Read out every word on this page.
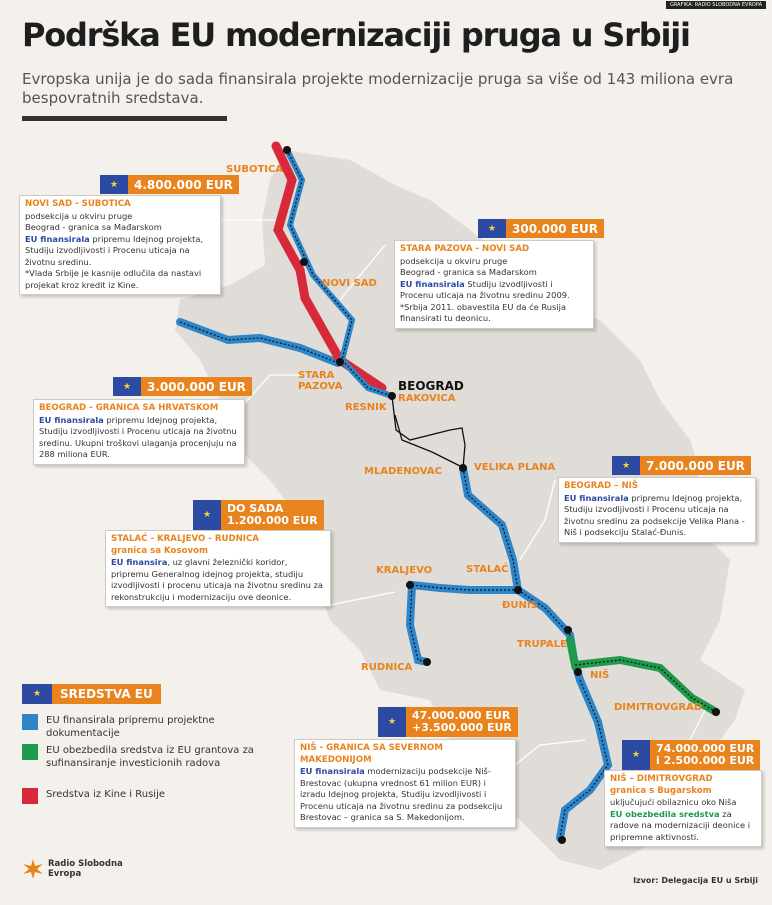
GRAFIKA: RADIO SLOBODNA EVROPA
Podrška EU modernizaciji pruga u Srbiji
Evropska unija je do sada finansirala projekte modernizacije pruga sa više od 143 miliona evra bespovratnih sredstava.
SUBOTICA
NOVI SAD
STARA PAZOVA	BEOGRAD
RAKOVICA
RESNIK
MLADENOVAC	VELIKA PLANA
STALAĆ
KRALJEVO
ĐUNIS
TRUPALE
NIŠ
RUDNICA
DIMITROVGRAD
★	4.800.000 EUR
NOVI SAD - SUBOTICA
podsekcija u okviru pruge
Beograd - granica sa Mađarskom
EU finansirala pripremu Idejnog projekta, Studiju izvodljivosti i Procenu uticaja na životnu sredinu.
*Vlada Srbije je kasnije odlučila da nastavi projekat kroz kredit iz Kine.
★	300.000 EUR
STARA PAZOVA - NOVI SAD
podsekcija u okviru pruge
Beograd - granica sa Mađarskom
EU finansirala Studiju izvodljivosti i Procenu uticaja na životnu sredinu 2009.
*Srbija 2011. obavestila EU da će Rusija finansirati tu deonicu.
★	3.000.000 EUR
BEOGRAD - GRANICA SA HRVATSKOM
EU finansirala pripremu Idejnog projekta, Studiju izvodljivosti i Procenu uticaja na životnu sredinu. Ukupni troškovi ulaganja procenjuju na 288 miliona EUR.
★	7.000.000 EUR
BEOGRAD – NIŠ
EU finansirala pripremu Idejnog projekta, Studiju izvodljivosti i Procenu uticaja na životnu sredinu za podsekcije Velika Plana - Niš i podsekciju Stalać-Đunis.
★	DO SADA
1.200.000 EUR
STALAĆ - KRALJEVO - RUDNICA
granica sa Kosovom
EU finansira, uz glavni železnički koridor, pripremu Generalnog idejnog projekta, studiju izvodljivosti i procenu uticaja na životnu sredinu za rekonstrukciju i modernizaciju ove deonice.
★	47.000.000 EUR
+3.500.000 EUR
NIŠ - GRANICA SA SEVERNOM MAKEDONIJOM
EU finansirala modernizaciju podsekcije Niš-Brestovac (ukupna vrednost 61 milion EUR) i izradu Idejnog projekta, Studiju izvodljivosti i Procenu uticaja na životnu sredinu za podsekciju Brestovac – granica sa S. Makedonijom.
★	74.000.000 EUR
i 2.500.000 EUR
NIŠ – DIMITROVGRAD
granica s Bugarskom
uključujući obilaznicu oko Niša
EU obezbedila sredstva za radove na modernizaciji deonice i pripremne aktivnosti.
★	SREDSTVA EU
EU finansirala pripremu projektne dokumentacije
EU obezbedila sredstva iz EU grantova za sufinansiranje investicionih radova
Sredstva iz Kine i Rusije
Radio Slobodna
Evropa
Izvor: Delegacija EU u Srbiji
